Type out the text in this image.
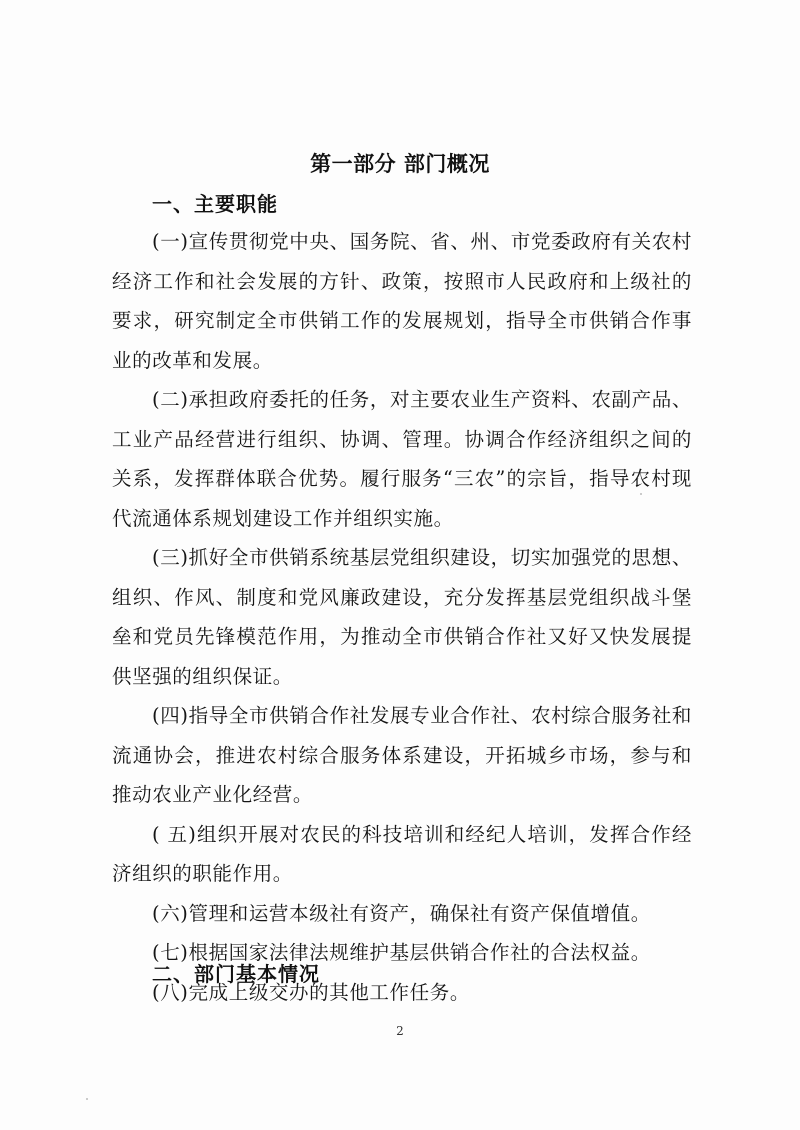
第一部分 部门概况
一、主要职能
(一)宣传贯彻党中央、国务院、省、州、市党委政府有关农村经济工作和社会发展的方针、政策，按照市人民政府和上级社的要求，研究制定全市供销工作的发展规划，指导全市供销合作事业的改革和发展。
(二)承担政府委托的任务，对主要农业生产资料、农副产品、工业产品经营进行组织、协调、管理。协调合作经济组织之间的关系，发挥群体联合优势。履行服务“三农”的宗旨，指导农村现代流通体系规划建设工作并组织实施。
(三)抓好全市供销系统基层党组织建设，切实加强党的思想、组织、作风、制度和党风廉政建设，充分发挥基层党组织战斗堡垒和党员先锋模范作用，为推动全市供销合作社又好又快发展提供坚强的组织保证。
(四)指导全市供销合作社发展专业合作社、农村综合服务社和流通协会，推进农村综合服务体系建设，开拓城乡市场，参与和推动农业产业化经营。
( 五)组织开展对农民的科技培训和经纪人培训，发挥合作经济组织的职能作用。
(六)管理和运营本级社有资产，确保社有资产保值增值。
(七)根据国家法律法规维护基层供销合作社的合法权益。
(八)完成上级交办的其他工作任务。
二、部门基本情况
2
